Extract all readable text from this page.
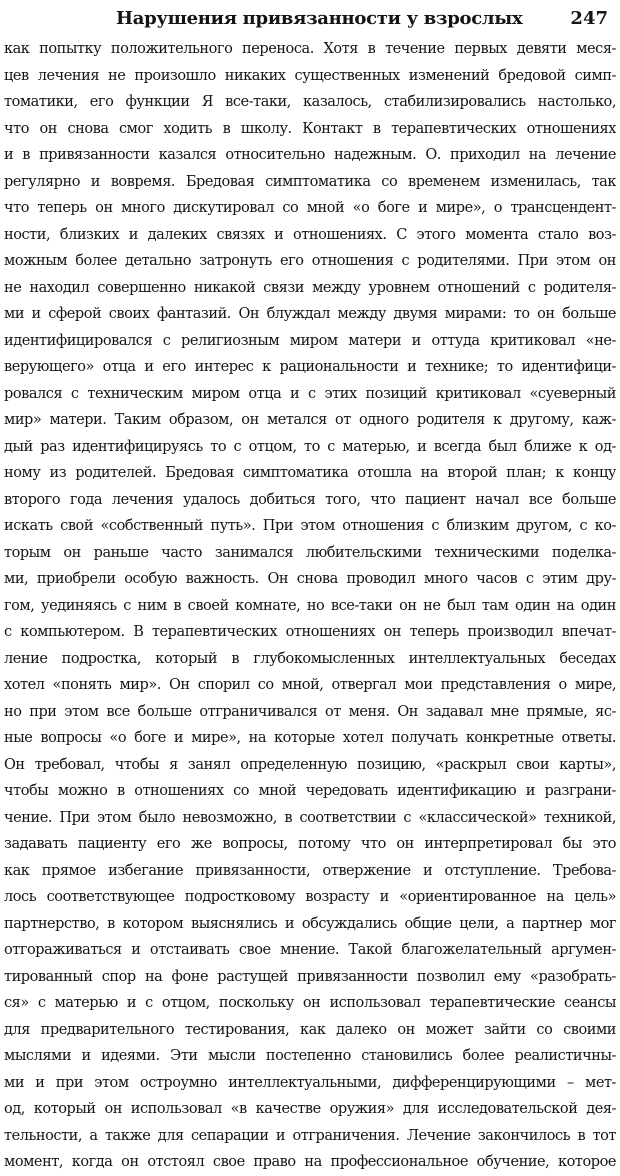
Нарушения привязанности у взрослых	247
как попытку положительного переноса. Хотя в течение первых девяти меся-
цев лечения не произошло никаких существенных изменений бредовой симп-
томатики, его функции Я все-таки, казалось, стабилизировались настолько,
что он снова смог ходить в школу. Контакт в терапевтических отношениях
и в привязанности казался относительно надежным. О. приходил на лечение
регулярно и вовремя. Бредовая симптоматика со временем изменилась, так
что теперь он много дискутировал со мной «о боге и мире», о трансцендент-
ности, близких и далеких связях и отношениях. С этого момента стало воз-
можным более детально затронуть его отношения с родителями. При этом он
не находил совершенно никакой связи между уровнем отношений с родителя-
ми и сферой своих фантазий. Он блуждал между двумя мирами: то он больше
идентифицировался с религиозным миром матери и оттуда критиковал «не-
верующего» отца и его интерес к рациональности и технике; то идентифици-
ровался с техническим миром отца и с этих позиций критиковал «суеверный
мир» матери. Таким образом, он метался от одного родителя к другому, каж-
дый раз идентифицируясь то с отцом, то с матерью, и всегда был ближе к од-
ному из родителей. Бредовая симптоматика отошла на второй план; к концу
второго года лечения удалось добиться того, что пациент начал все больше
искать свой «собственный путь». При этом отношения с близким другом, с ко-
торым он раньше часто занимался любительскими техническими поделка-
ми, приобрели особую важность. Он снова проводил много часов с этим дру-
гом, уединяясь с ним в своей комнате, но все-таки он не был там один на один
с компьютером. В терапевтических отношениях он теперь производил впечат-
ление подростка, который в глубокомысленных интеллектуальных беседах
хотел «понять мир». Он спорил со мной, отвергал мои представления о мире,
но при этом все больше отграничивался от меня. Он задавал мне прямые, яс-
ные вопросы «о боге и мире», на которые хотел получать конкретные ответы.
Он требовал, чтобы я занял определенную позицию, «раскрыл свои карты»,
чтобы можно в отношениях со мной чередовать идентификацию и разграни-
чение. При этом было невозможно, в соответствии с «классической» техникой,
задавать пациенту его же вопросы, потому что он интерпретировал бы это
как прямое избегание привязанности, отвержение и отступление. Требова-
лось соответствующее подростковому возрасту и «ориентированное на цель»
партнерство, в котором выяснялись и обсуждались общие цели, а партнер мог
отгораживаться и отстаивать свое мнение. Такой благожелательный аргумен-
тированный спор на фоне растущей привязанности позволил ему «разобрать-
ся» с матерью и с отцом, поскольку он использовал терапевтические сеансы
для предварительного тестирования, как далеко он может зайти со своими
мыслями и идеями. Эти мысли постепенно становились более реалистичны-
ми и при этом остроумно интеллектуальными, дифференцирующими – мет-
од, который он использовал «в качестве оружия» для исследовательской дея-
тельности, а также для сепарации и отграничения. Лечение закончилось в тот
момент, когда он отстоял свое право на профессиональное обучение, которое
